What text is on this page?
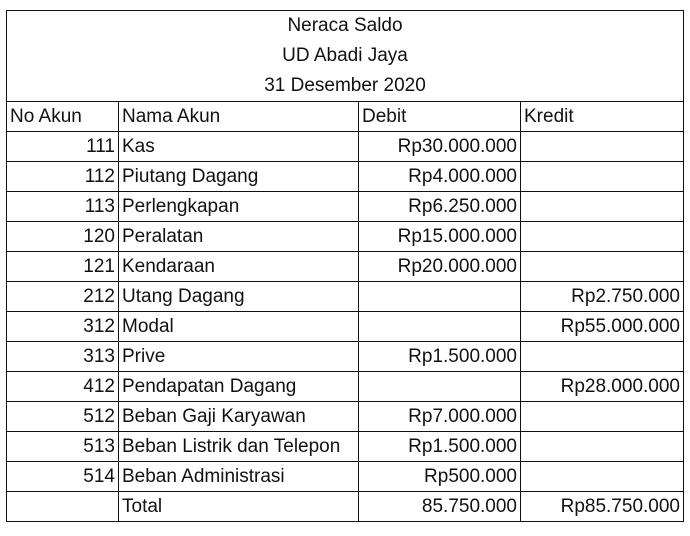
Neraca Saldo			
UD Abadi Jaya			
31 Desember 2020			
No Akun	Nama Akun	Debit	Kredit
111	Kas	Rp30.000.000	
112	Piutang Dagang	Rp4.000.000	
113	Perlengkapan	Rp6.250.000	
120	Peralatan	Rp15.000.000	
121	Kendaraan	Rp20.000.000	
212	Utang Dagang		Rp2.750.000
312	Modal		Rp55.000.000
313	Prive	Rp1.500.000	
412	Pendapatan Dagang		Rp28.000.000
512	Beban Gaji Karyawan	Rp7.000.000	
513	Beban Listrik dan Telepon	Rp1.500.000	
514	Beban Administrasi	Rp500.000	
	Total	85.750.000	Rp85.750.000
